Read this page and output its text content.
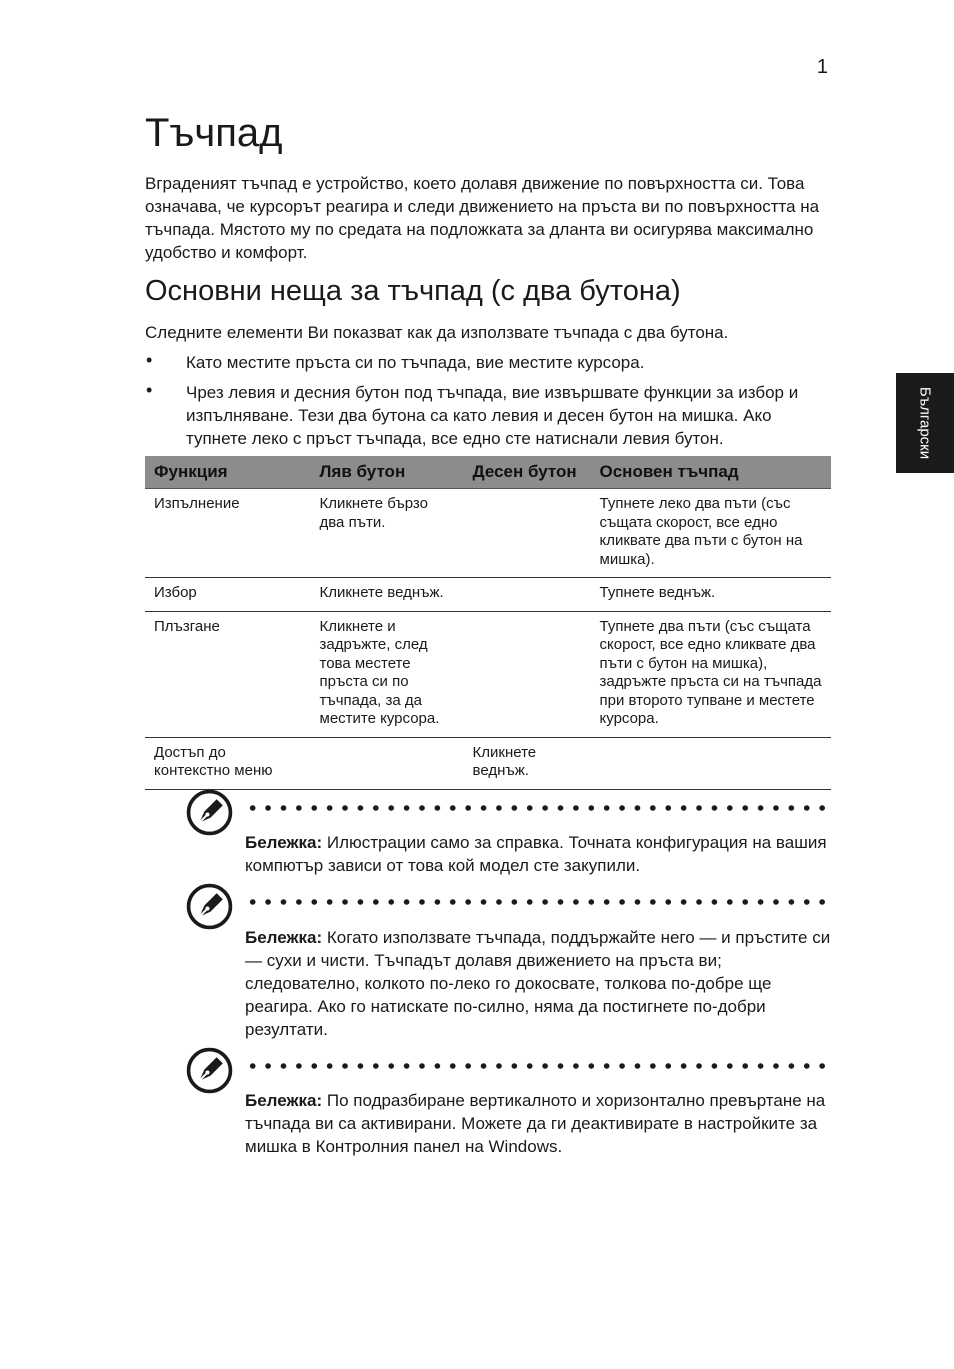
1
Български
Тъчпад

Вграденият тъчпад е устройство, което долавя движение по повърхността си. Това означава, че курсорът реагира и следи движението на пръста ви по повърхността на тъчпада. Мястото му по средата на подложката за дланта ви осигурява максимално удобство и комфорт.

Основни неща за тъчпад (с два бутона)

Следните елементи Ви показват как да използвате тъчпада с два бутона.

• Като местите пръста си по тъчпада, вие местите курсора.

• Чрез левия и десния бутон под тъчпада, вие извършвате функции за избор и изпълняване. Тези два бутона са като левия и десен бутон на мишка. Ако тупнете леко с пръст тъчпада, все едно сте натиснали левия бутон.

Функция	Ляв бутон	Десен бутон	Основен тъчпад
Изпълнение	Кликнете бързо два пъти.		Тупнете леко два пъти (със същата скорост, все едно кликвате два пъти с бутон на мишка).
Избор	Кликнете веднъж.		Тупнете веднъж.
Плъзгане	Кликнете и задръжте, след това местете пръста си по тъчпада, за да местите курсора.		Тупнете два пъти (със същата скорост, все едно кликвате два пъти с бутон на мишка), задръжте пръста си на тъчпада при второто тупване и местете курсора.
Достъп до контекстно меню		Кликнете веднъж.	

Бележка: Илюстрации само за справка. Точната конфигурация на вашия компютър зависи от това кой модел сте закупили.

Бележка: Когато използвате тъчпада, поддържайте него — и пръстите си — сухи и чисти. Тъчпадът долавя движението на пръста ви; следователно, колкото по-леко го докосвате, толкова по-добре ще реагира. Ако го натискате по-силно, няма да постигнете по-добри резултати.

Бележка: По подразбиране вертикалното и хоризонтално превъртане на тъчпада ви са активирани. Можете да ги деактивирате в настройките за мишка в Контролния панел на Windows.
